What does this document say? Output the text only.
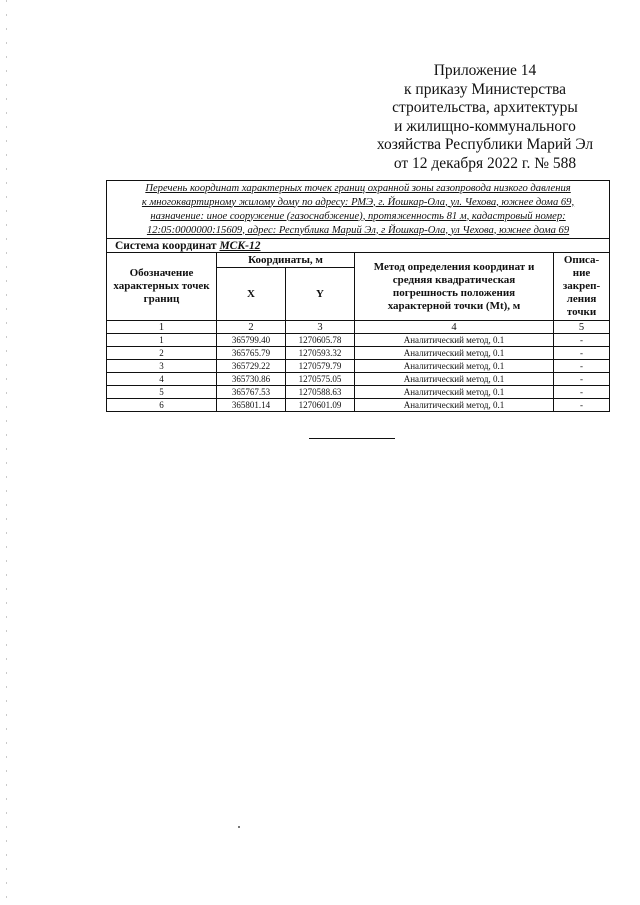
Приложение 14
к приказу Министерства
строительства, архитектуры
и жилищно-коммунального
хозяйства Республики Марий Эл
от 12 декабря 2022 г. № 588
Перечень координат характерных точек границ охранной зоны газопровода низкого давления
к многоквартирному жилому дому по адресу: РМЭ, г. Йошкар-Ола, ул. Чехова, южнее дома 69,
назначение: иное сооружение (газоснабжение), протяженность 81 м, кадастровый номер:
12:05:0000000:15609, адрес: Республика Марий Эл, г Йошкар-Ола, ул Чехова, южнее дома 69				

Система координат МСК-12				
Обозначение характерных точек границ	Координаты, м		Метод определения координат и средняя квадратическая погрешность положения характерной точки (Mt), м	Описа-ние закреп-ления точки
	X	Y		
1	2	3	4	5
1	365799.40	1270605.78	Аналитический метод, 0.1	-
2	365765.79	1270593.32	Аналитический метод, 0.1	-
3	365729.22	1270579.79	Аналитический метод, 0.1	-
4	365730.86	1270575.05	Аналитический метод, 0.1	-
5	365767.53	1270588.63	Аналитический метод, 0.1	-
6	365801.14	1270601.09	Аналитический метод, 0.1	-
